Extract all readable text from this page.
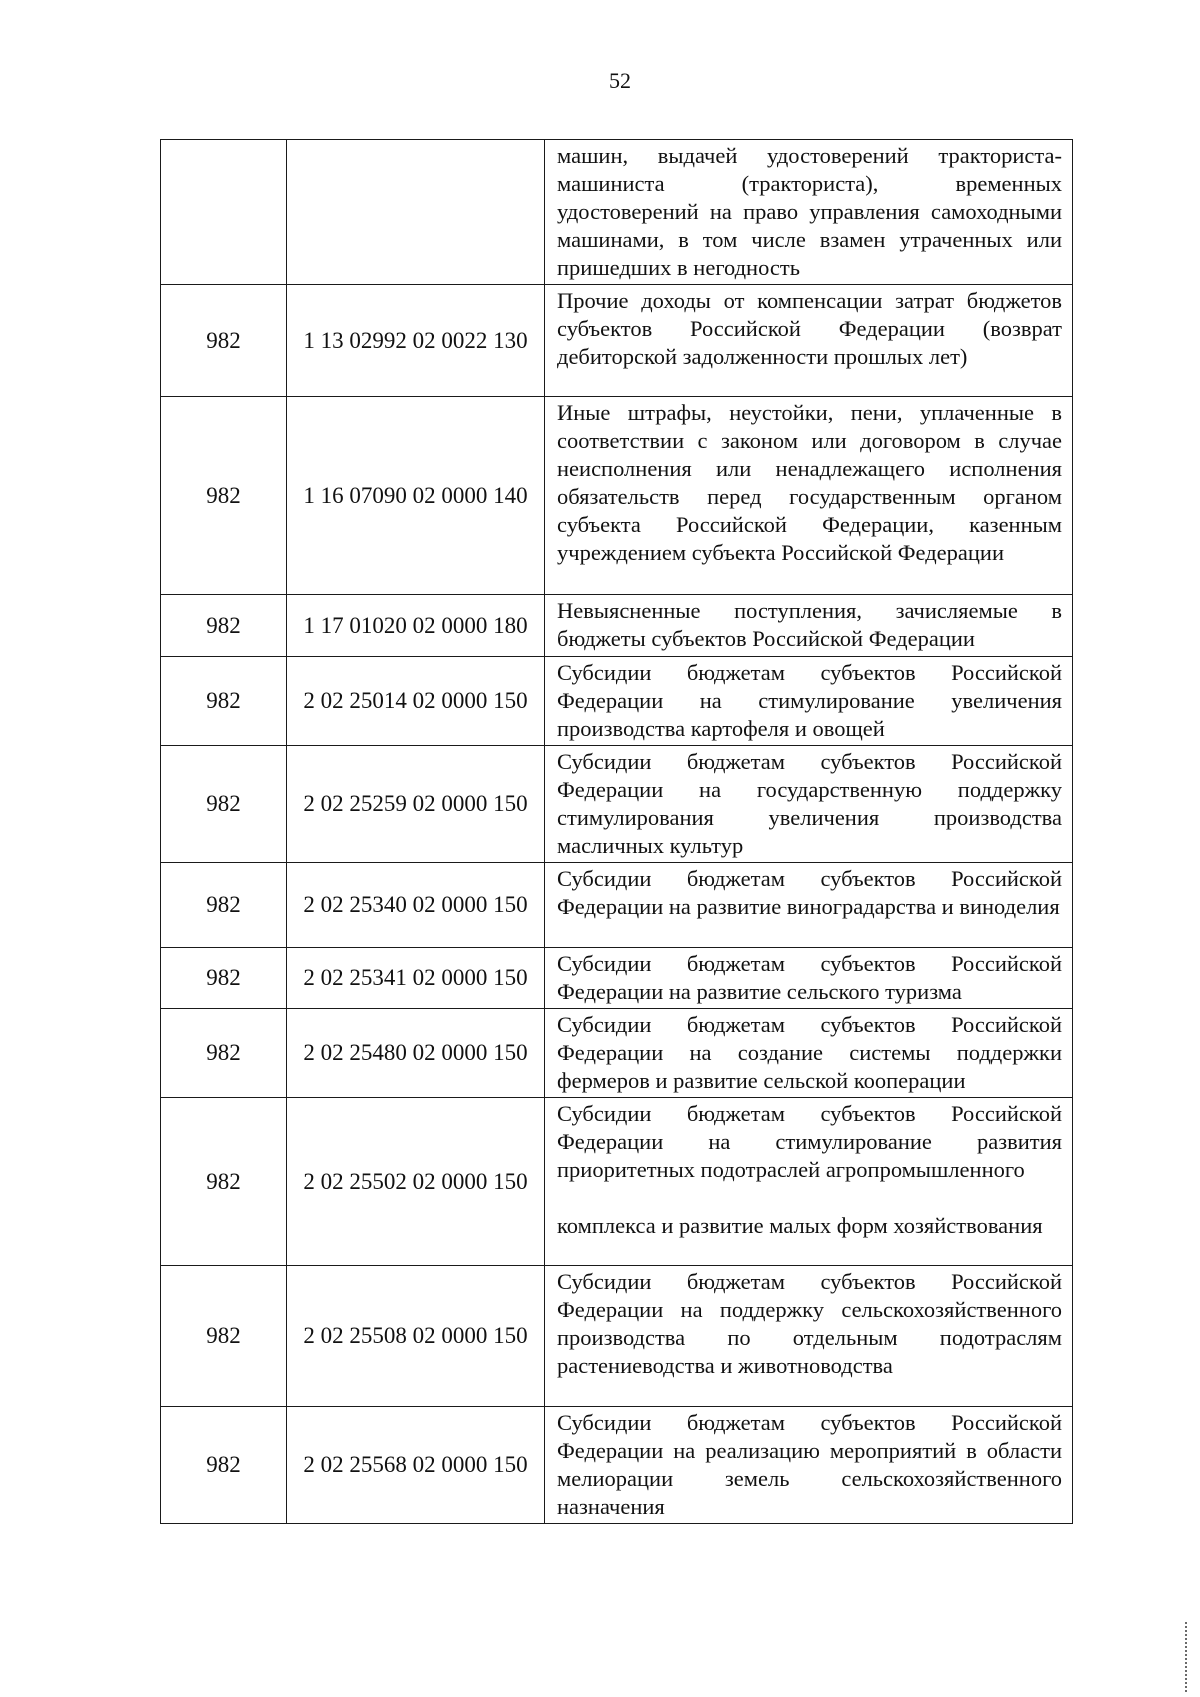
52
		машин, выдачей удостоверений тракториста-машиниста (тракториста), временных удостоверений на право управления самоходными машинами, в том числе взамен утраченных или пришедших в негодность
982	1 13 02992 02 0022 130	Прочие доходы от компенсации затрат бюджетов субъектов Российской Федерации (возврат дебиторской задолженности прошлых лет)
982	1 16 07090 02 0000 140	Иные штрафы, неустойки, пени, уплаченные в соответствии с законом или договором в случае неисполнения или ненадлежащего исполнения обязательств перед государственным органом субъекта Российской Федерации, казенным учреждением субъекта Российской Федерации
982	1 17 01020 02 0000 180	Невыясненные поступления, зачисляемые в бюджеты субъектов Российской Федерации
982	2 02 25014 02 0000 150	Субсидии бюджетам субъектов Российской Федерации на стимулирование увеличения производства картофеля и овощей
982	2 02 25259 02 0000 150	Субсидии бюджетам субъектов Российской Федерации на государственную поддержку стимулирования увеличения производства масличных культур
982	2 02 25340 02 0000 150	Субсидии бюджетам субъектов Российской Федерации на развитие виноградарства и виноделия
982	2 02 25341 02 0000 150	Субсидии бюджетам субъектов Российской Федерации на развитие сельского туризма
982	2 02 25480 02 0000 150	Субсидии бюджетам субъектов Российской Федерации на создание системы поддержки фермеров и развитие сельской кооперации
982	2 02 25502 02 0000 150	Субсидии бюджетам субъектов Российской Федерации на стимулирование развития приоритетных подотраслей агропромышленного
комплекса и развитие малых форм хозяйствования
982	2 02 25508 02 0000 150	Субсидии бюджетам субъектов Российской Федерации на поддержку сельскохозяйственного производства по отдельным подотраслям растениеводства и животноводства
982	2 02 25568 02 0000 150	Субсидии бюджетам субъектов Российской Федерации на реализацию мероприятий в области мелиорации земель сельскохозяйственного назначения
